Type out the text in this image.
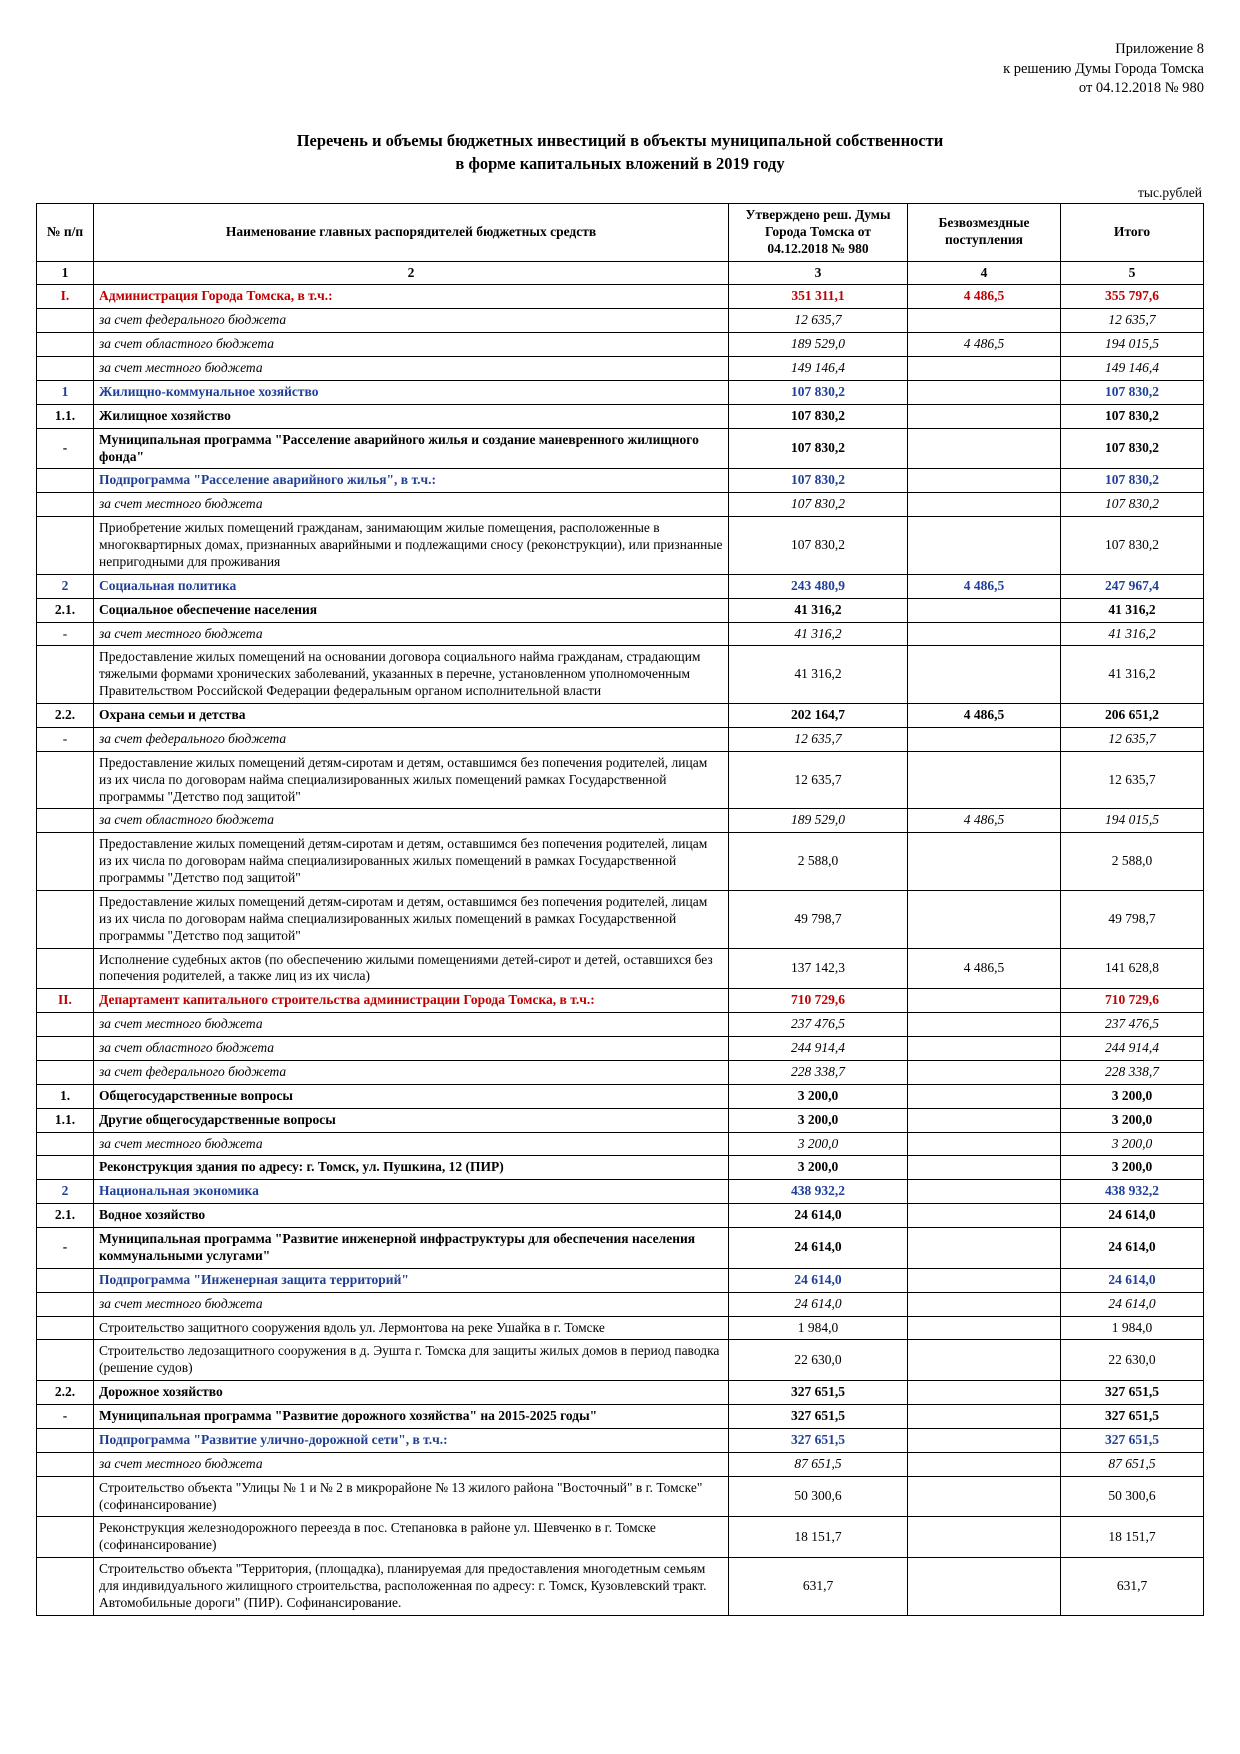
Приложение 8
к решению Думы Города Томска
от 04.12.2018 № 980
Перечень и объемы бюджетных инвестиций в объекты муниципальной собственности
в форме капитальных вложений в 2019 году
тыс.рублей
№ п/п	Наименование главных распорядителей бюджетных средств	Утверждено реш. Думы Города Томска от 04.12.2018 № 980	Безвозмездные поступления	Итого
1	2	3	4	5
I.	Администрация Города Томска, в т.ч.:	351 311,1	4 486,5	355 797,6
	за счет федерального бюджета	12 635,7		12 635,7
	за счет областного бюджета	189 529,0	4 486,5	194 015,5
	за счет местного бюджета	149 146,4		149 146,4
1	Жилищно-коммунальное хозяйство	107 830,2		107 830,2
1.1.	Жилищное хозяйство	107 830,2		107 830,2
-	Муниципальная программа "Расселение аварийного жилья и создание маневренного жилищного фонда"	107 830,2		107 830,2
	Подпрограмма "Расселение аварийного жилья", в т.ч.:	107 830,2		107 830,2
	за счет местного бюджета	107 830,2		107 830,2
	Приобретение жилых помещений гражданам, занимающим жилые помещения, расположенные в многоквартирных домах, признанных аварийными и подлежащими сносу (реконструкции), или признанные непригодными для проживания	107 830,2		107 830,2
2	Социальная политика	243 480,9	4 486,5	247 967,4
2.1.	Социальное обеспечение населения	41 316,2		41 316,2
-	за счет местного бюджета	41 316,2		41 316,2
	Предоставление жилых помещений на основании договора социального найма гражданам, страдающим тяжелыми формами хронических заболеваний, указанных в перечне, установленном уполномоченным Правительством Российской Федерации федеральным органом исполнительной власти	41 316,2		41 316,2
2.2.	Охрана семьи и детства	202 164,7	4 486,5	206 651,2
-	за счет федерального бюджета	12 635,7		12 635,7
	Предоставление жилых помещений детям-сиротам и детям, оставшимся без попечения родителей, лицам из их числа по договорам найма специализированных жилых помещений рамках Государственной программы "Детство под защитой"	12 635,7		12 635,7
	за счет областного бюджета	189 529,0	4 486,5	194 015,5
	Предоставление жилых помещений детям-сиротам и детям, оставшимся без попечения родителей, лицам из их числа по договорам найма специализированных жилых помещений в рамках Государственной программы "Детство под защитой"	2 588,0		2 588,0
	Предоставление жилых помещений детям-сиротам и детям, оставшимся без попечения родителей, лицам из их числа по договорам найма специализированных жилых помещений в рамках Государственной программы "Детство под защитой"	49 798,7		49 798,7
	Исполнение судебных актов (по обеспечению жилыми помещениями детей-сирот и детей, оставшихся без попечения родителей, а также лиц из их числа)	137 142,3	4 486,5	141 628,8
II.	Департамент капитального строительства администрации Города Томска, в т.ч.:	710 729,6		710 729,6
	за счет местного бюджета	237 476,5		237 476,5
	за счет областного бюджета	244 914,4		244 914,4
	за счет федерального бюджета	228 338,7		228 338,7
1.	Общегосударственные вопросы	3 200,0		3 200,0
1.1.	Другие общегосударственные вопросы	3 200,0		3 200,0
	за счет местного бюджета	3 200,0		3 200,0
	Реконструкция здания по адресу: г. Томск, ул. Пушкина, 12 (ПИР)	3 200,0		3 200,0
2	Национальная экономика	438 932,2		438 932,2
2.1.	Водное хозяйство	24 614,0		24 614,0
-	Муниципальная программа "Развитие инженерной инфраструктуры для обеспечения населения коммунальными услугами"	24 614,0		24 614,0
	Подпрограмма "Инженерная защита территорий"	24 614,0		24 614,0
	за счет местного бюджета	24 614,0		24 614,0
	Строительство защитного сооружения вдоль ул. Лермонтова на реке Ушайка в г. Томске	1 984,0		1 984,0
	Строительство ледозащитного сооружения в д. Эушта г. Томска для защиты жилых домов в период паводка (решение судов)	22 630,0		22 630,0
2.2.	Дорожное хозяйство	327 651,5		327 651,5
-	Муниципальная программа "Развитие дорожного хозяйства" на 2015-2025 годы"	327 651,5		327 651,5
	Подпрограмма "Развитие улично-дорожной сети", в т.ч.:	327 651,5		327 651,5
	за счет местного бюджета	87 651,5		87 651,5
	Строительство объекта "Улицы № 1 и № 2 в микрорайоне № 13 жилого района "Восточный" в г. Томске" (софинансирование)	50 300,6		50 300,6
	Реконструкция железнодорожного переезда в пос. Степановка в районе ул. Шевченко в г. Томске (софинансирование)	18 151,7		18 151,7
	Строительство объекта "Территория, (площадка), планируемая для предоставления многодетным семьям для индивидуального жилищного строительства, расположенная по адресу: г. Томск, Кузовлевский тракт. Автомобильные дороги" (ПИР). Софинансирование.	631,7		631,7
